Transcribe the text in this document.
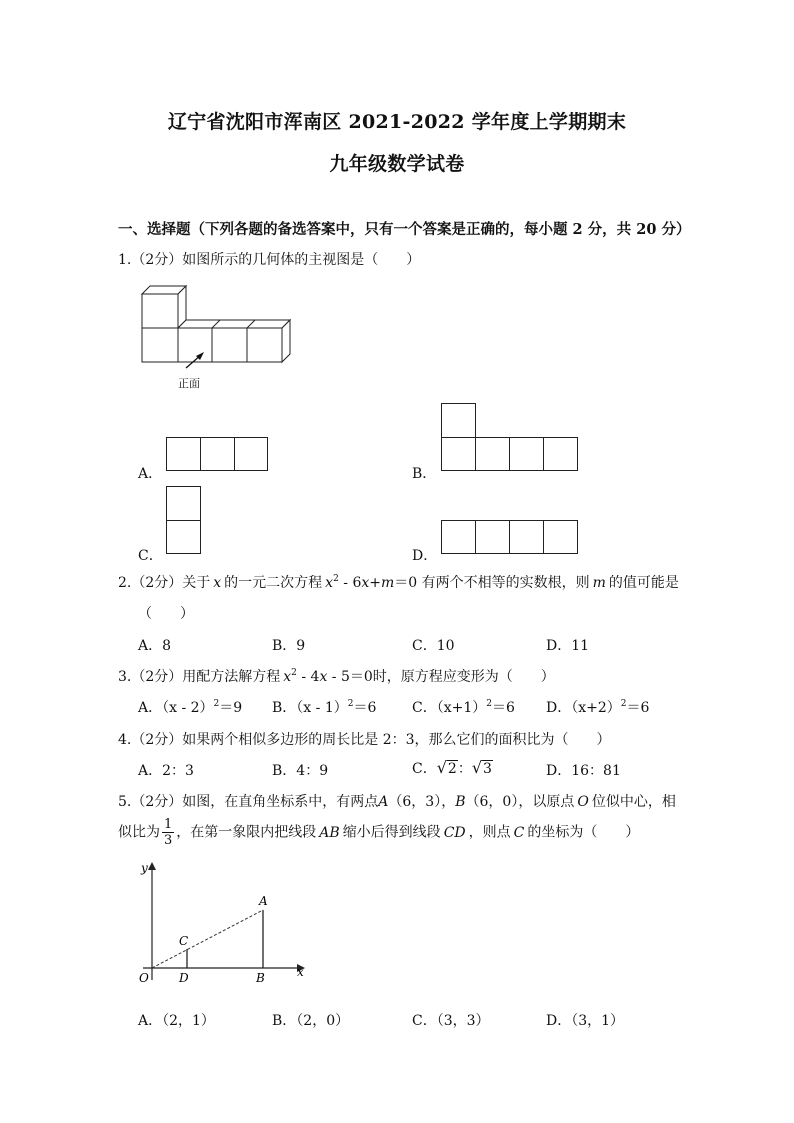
辽宁省沈阳市浑南区 2021-2022 学年度上学期期末
九年级数学试卷
一、选择题（下列各题的备选答案中，只有一个答案是正确的，每小题 2 分，共 20 分）
1.（2分）如图所示的几何体的主视图是（　　）
正面
A．	B．
C．	D．
2.（2分）关于 x 的一元二次方程 $x^2 - 6x+m=0$ 有两个不相等的实数根，则 m 的值可能是
（　　）
A．8	B．9	C．10	D．11
3.（2分）用配方法解方程 $x^2 - 4x - 5=0$时，原方程应变形为（　　）
A．（x - 2）$^2$＝9 B．（x - 1）$^2$＝6	C．$(x+1)^2=6$ D．$(x+2)^2=6$
4.（2分）如果两个相似多边形的周长比是 2：3，那么它们的面积比为（　　）
A．2：3	B．4：9	C．√2：√3	D．16：81
5.（2分）如图，在直角坐标系中，有两点A（6，3），B（6，0），以原点 O 位似中心，相
似比为 $\frac{1}{3}$ ，在第一象限内把线段 AB 缩小后得到线段 CD ，则点 C 的坐标为（　　）
y
x
O
A
B
C
D
A．（2，1）	B．（2，0）	C．（3，3）	D．（3，1）
